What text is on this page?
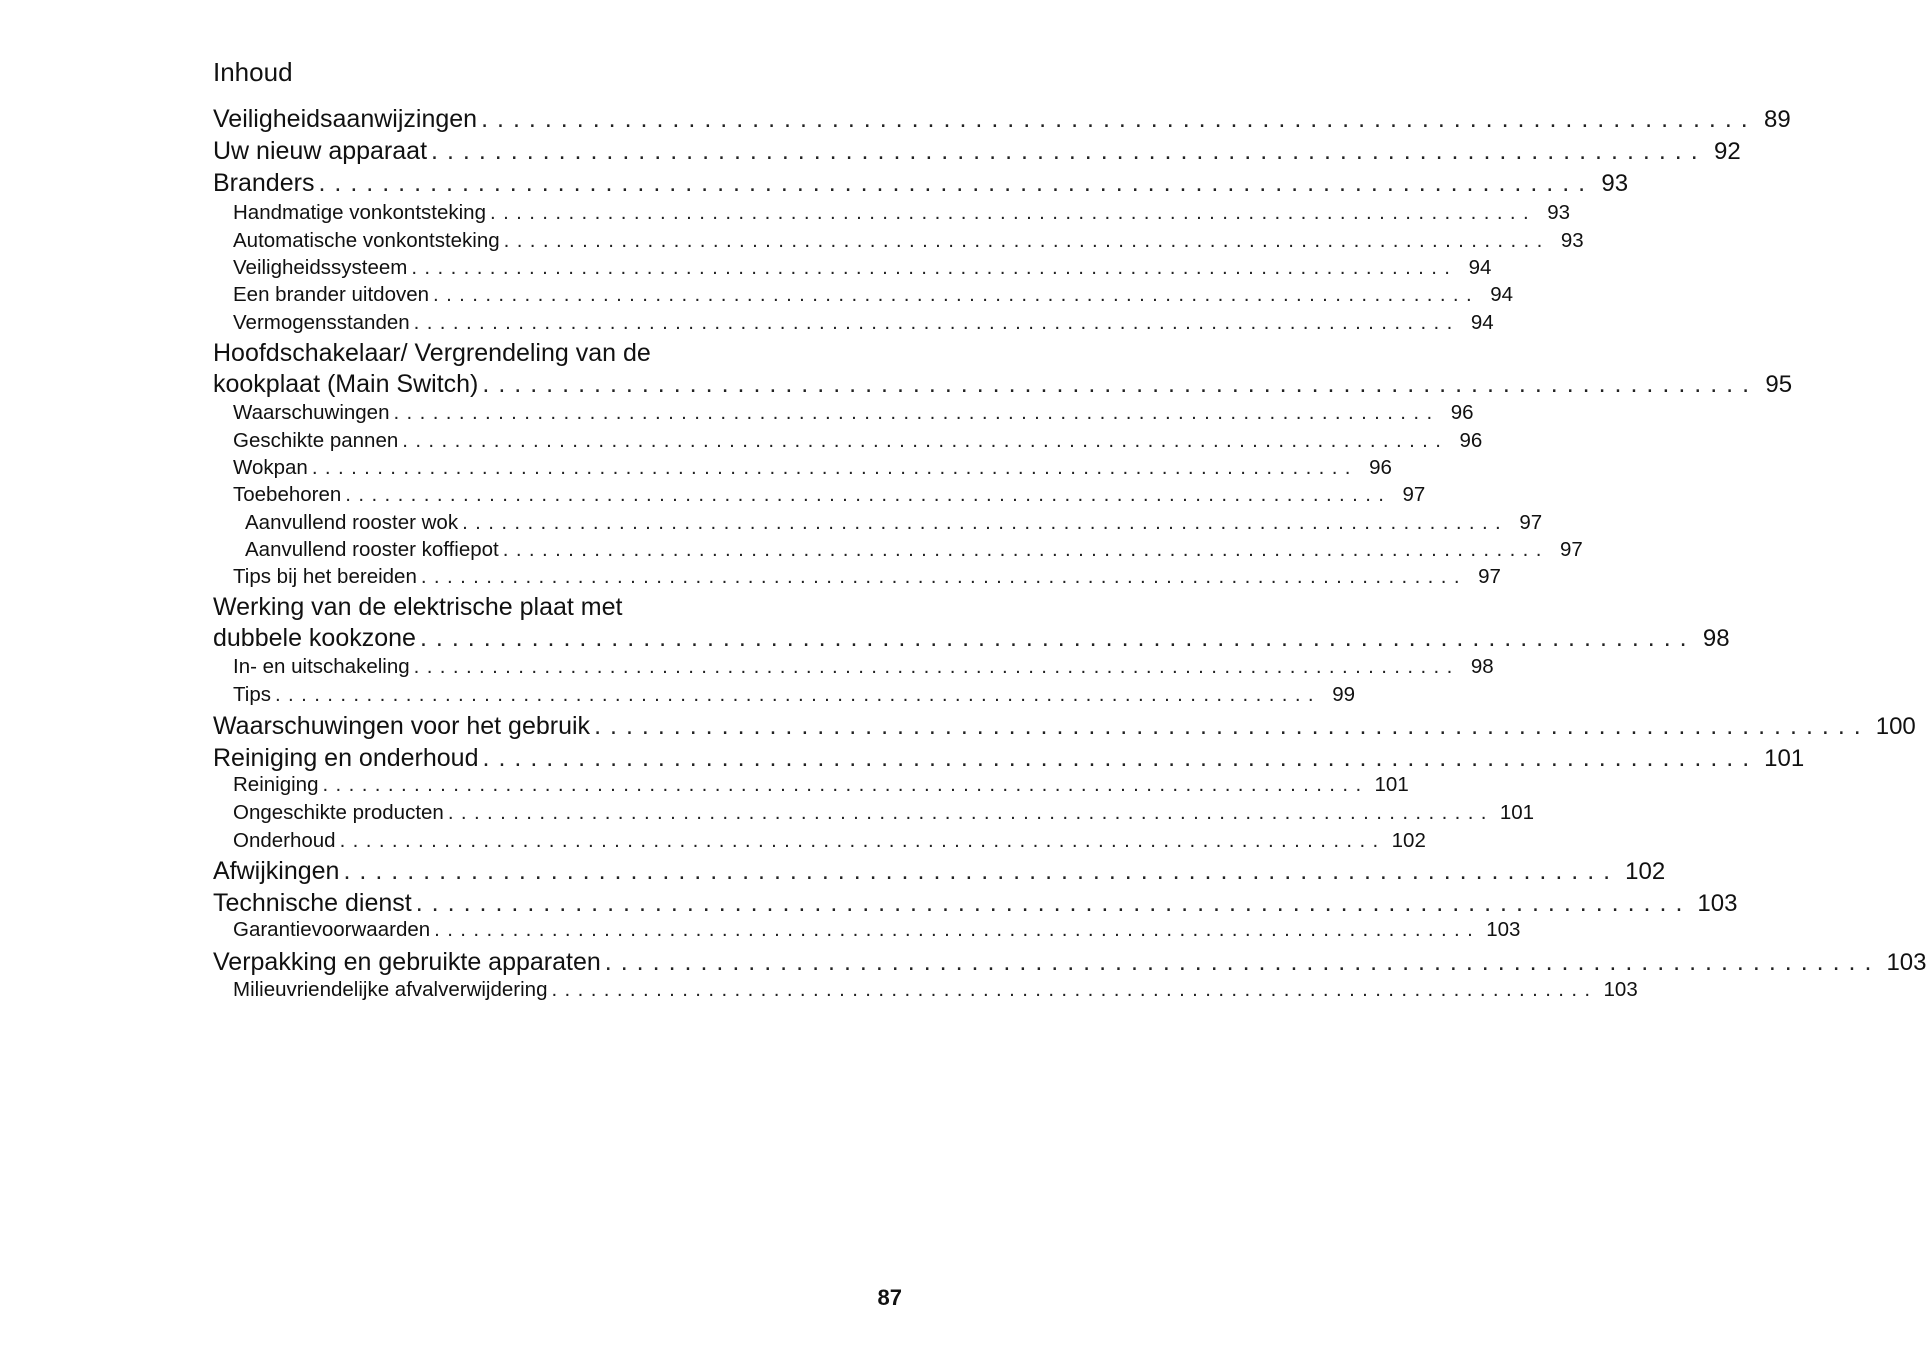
Inhoud
Veiligheidsaanwijzingen ................................................................................ 89
Uw nieuw apparaat ................................................................................ 92
Branders ................................................................................ 93
Handmatige vonkontsteking ................................................................................ 93
Automatische vonkontsteking ................................................................................ 93
Veiligheidssysteem ................................................................................ 94
Een brander uitdoven ................................................................................ 94
Vermogensstanden ................................................................................ 94
Hoofdschakelaar/ Vergrendeling van de
kookplaat (Main Switch) ................................................................................ 95
Waarschuwingen ................................................................................ 96
Geschikte pannen ................................................................................ 96
Wokpan ................................................................................ 96
Toebehoren ................................................................................ 97
Aanvullend rooster wok ................................................................................ 97
Aanvullend rooster koffiepot ................................................................................ 97
Tips bij het bereiden ................................................................................ 97
Werking van de elektrische plaat met
dubbele kookzone ................................................................................ 98
In- en uitschakeling ................................................................................ 98
Tips ................................................................................ 99
Waarschuwingen voor het gebruik ................................................................................ 100
Reiniging en onderhoud ................................................................................ 101
Reiniging ................................................................................ 101
Ongeschikte producten ................................................................................ 101
Onderhoud ................................................................................ 102
Afwijkingen ................................................................................ 102
Technische dienst ................................................................................ 103
Garantievoorwaarden ................................................................................ 103
Verpakking en gebruikte apparaten ................................................................................ 103
Milieuvriendelijke afvalverwijdering ................................................................................ 103
87
